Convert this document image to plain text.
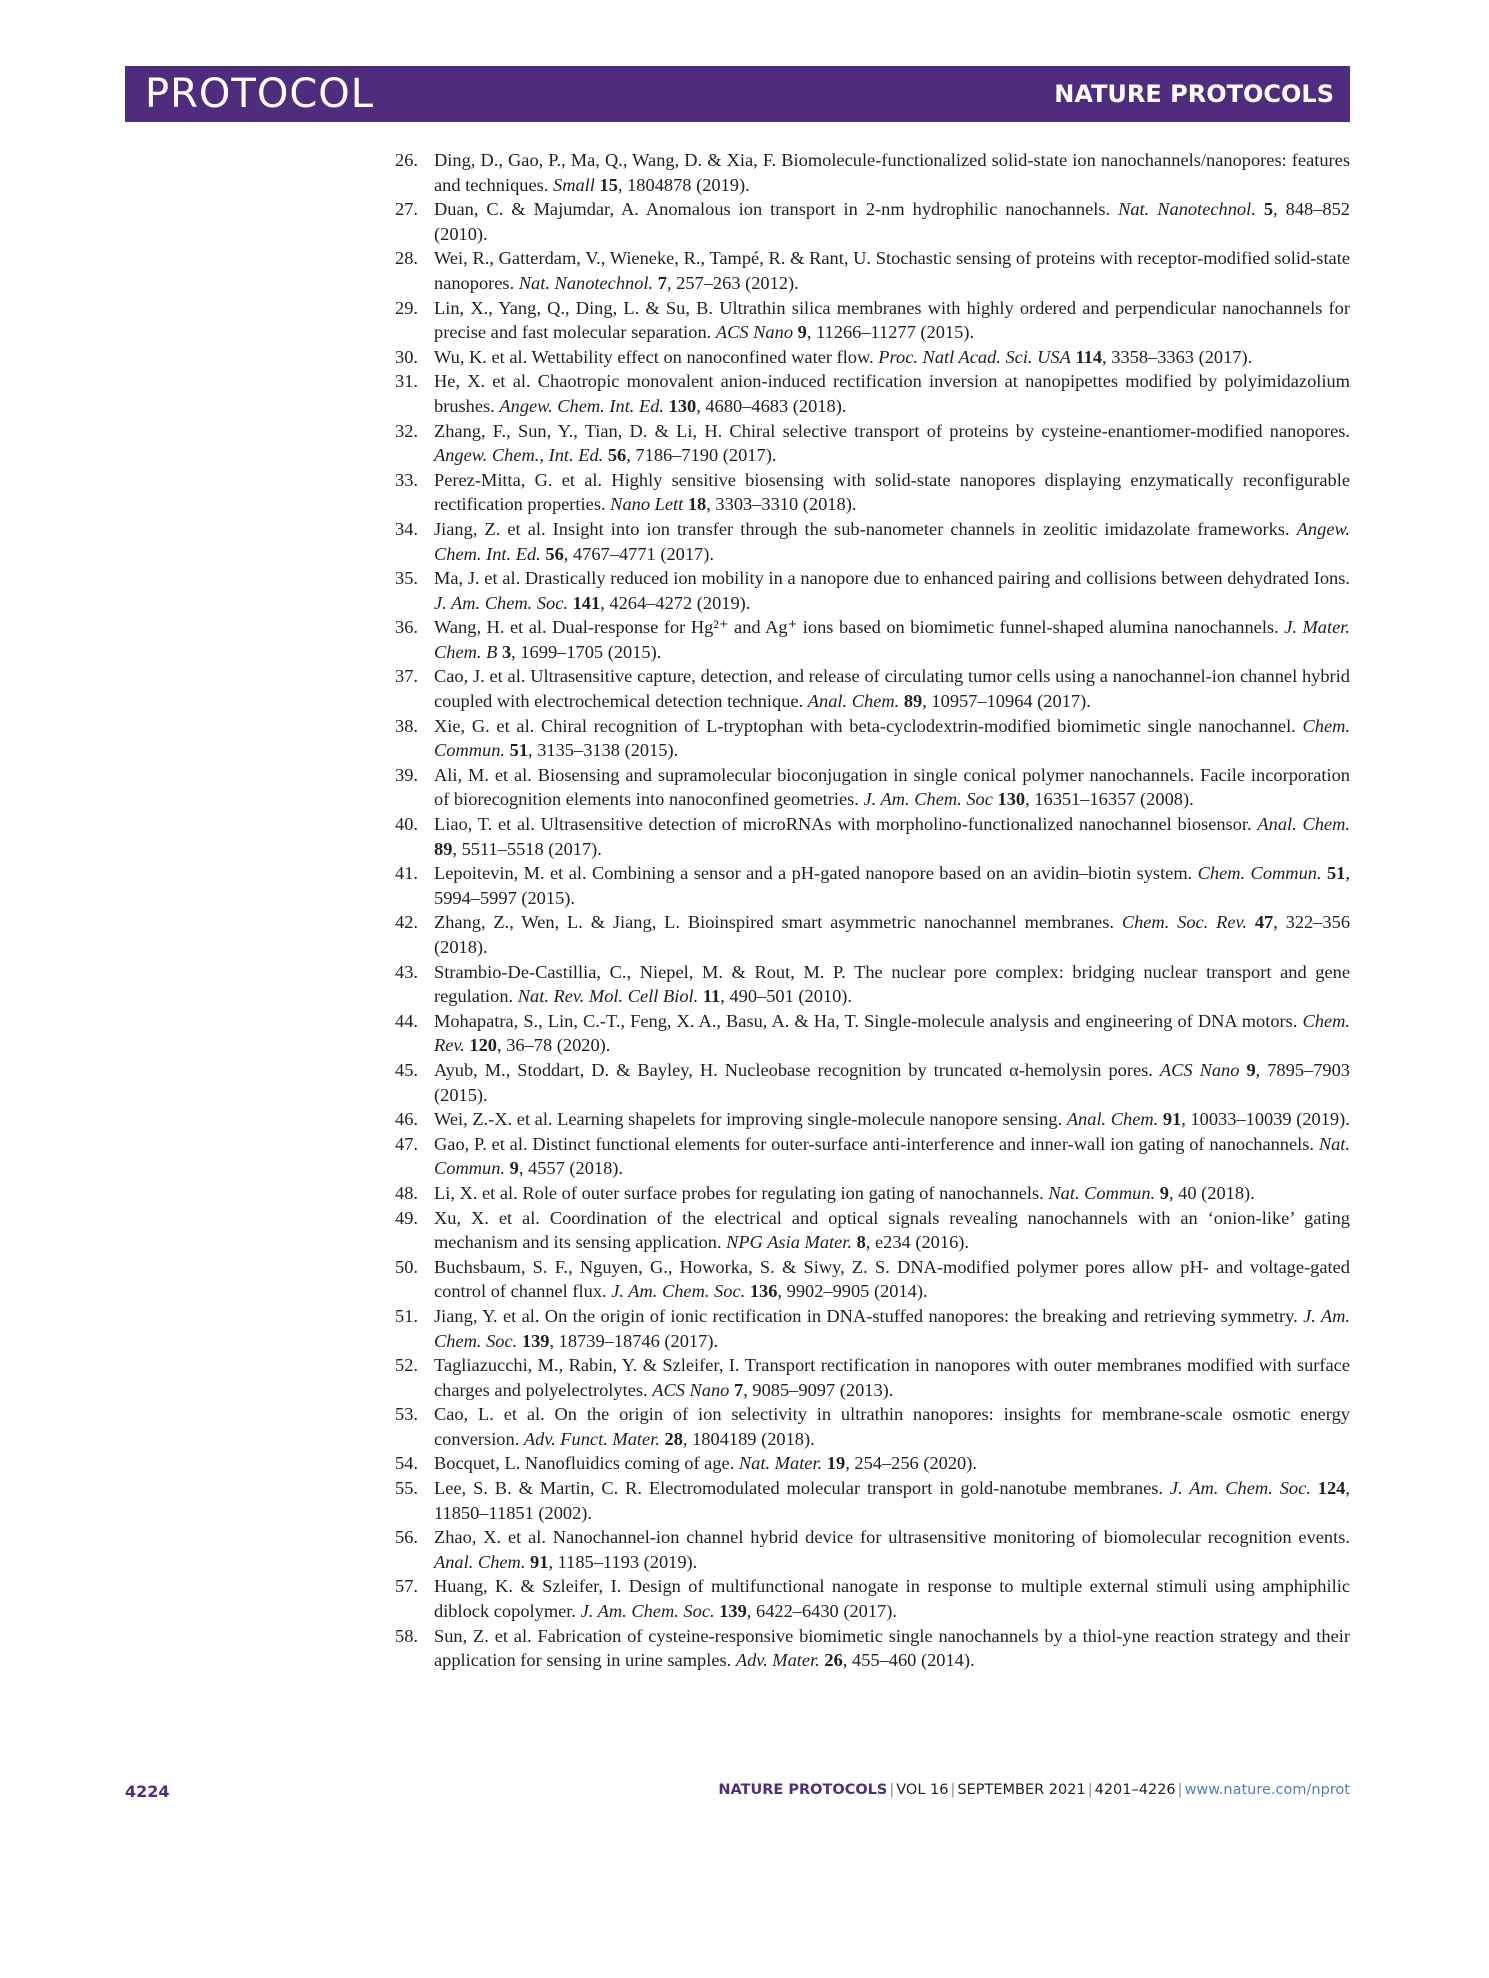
PROTOCOL	NATURE PROTOCOLS
26. Ding, D., Gao, P., Ma, Q., Wang, D. & Xia, F. Biomolecule-functionalized solid-state ion nanochannels/nanopores: features and techniques. Small 15, 1804878 (2019).
27. Duan, C. & Majumdar, A. Anomalous ion transport in 2-nm hydrophilic nanochannels. Nat. Nanotechnol. 5, 848–852 (2010).
28. Wei, R., Gatterdam, V., Wieneke, R., Tampé, R. & Rant, U. Stochastic sensing of proteins with receptor-modified solid-state nanopores. Nat. Nanotechnol. 7, 257–263 (2012).
29. Lin, X., Yang, Q., Ding, L. & Su, B. Ultrathin silica membranes with highly ordered and perpendicular nanochannels for precise and fast molecular separation. ACS Nano 9, 11266–11277 (2015).
30. Wu, K. et al. Wettability effect on nanoconfined water flow. Proc. Natl Acad. Sci. USA 114, 3358–3363 (2017).
31. He, X. et al. Chaotropic monovalent anion-induced rectification inversion at nanopipettes modified by polyimidazolium brushes. Angew. Chem. Int. Ed. 130, 4680–4683 (2018).
32. Zhang, F., Sun, Y., Tian, D. & Li, H. Chiral selective transport of proteins by cysteine-enantiomer-modified nanopores. Angew. Chem., Int. Ed. 56, 7186–7190 (2017).
33. Perez-Mitta, G. et al. Highly sensitive biosensing with solid-state nanopores displaying enzymatically reconfigurable rectification properties. Nano Lett 18, 3303–3310 (2018).
34. Jiang, Z. et al. Insight into ion transfer through the sub-nanometer channels in zeolitic imidazolate frameworks. Angew. Chem. Int. Ed. 56, 4767–4771 (2017).
35. Ma, J. et al. Drastically reduced ion mobility in a nanopore due to enhanced pairing and collisions between dehydrated Ions. J. Am. Chem. Soc. 141, 4264–4272 (2019).
36. Wang, H. et al. Dual-response for Hg²⁺ and Ag⁺ ions based on biomimetic funnel-shaped alumina nanochannels. J. Mater. Chem. B 3, 1699–1705 (2015).
37. Cao, J. et al. Ultrasensitive capture, detection, and release of circulating tumor cells using a nanochannel-ion channel hybrid coupled with electrochemical detection technique. Anal. Chem. 89, 10957–10964 (2017).
38. Xie, G. et al. Chiral recognition of L-tryptophan with beta-cyclodextrin-modified biomimetic single nanochannel. Chem. Commun. 51, 3135–3138 (2015).
39. Ali, M. et al. Biosensing and supramolecular bioconjugation in single conical polymer nanochannels. Facile incorporation of biorecognition elements into nanoconfined geometries. J. Am. Chem. Soc 130, 16351–16357 (2008).
40. Liao, T. et al. Ultrasensitive detection of microRNAs with morpholino-functionalized nanochannel biosensor. Anal. Chem. 89, 5511–5518 (2017).
41. Lepoitevin, M. et al. Combining a sensor and a pH-gated nanopore based on an avidin–biotin system. Chem. Commun. 51, 5994–5997 (2015).
42. Zhang, Z., Wen, L. & Jiang, L. Bioinspired smart asymmetric nanochannel membranes. Chem. Soc. Rev. 47, 322–356 (2018).
43. Strambio-De-Castillia, C., Niepel, M. & Rout, M. P. The nuclear pore complex: bridging nuclear transport and gene regulation. Nat. Rev. Mol. Cell Biol. 11, 490–501 (2010).
44. Mohapatra, S., Lin, C.-T., Feng, X. A., Basu, A. & Ha, T. Single-molecule analysis and engineering of DNA motors. Chem. Rev. 120, 36–78 (2020).
45. Ayub, M., Stoddart, D. & Bayley, H. Nucleobase recognition by truncated α-hemolysin pores. ACS Nano 9, 7895–7903 (2015).
46. Wei, Z.-X. et al. Learning shapelets for improving single-molecule nanopore sensing. Anal. Chem. 91, 10033–10039 (2019).
47. Gao, P. et al. Distinct functional elements for outer-surface anti-interference and inner-wall ion gating of nanochannels. Nat. Commun. 9, 4557 (2018).
48. Li, X. et al. Role of outer surface probes for regulating ion gating of nanochannels. Nat. Commun. 9, 40 (2018).
49. Xu, X. et al. Coordination of the electrical and optical signals revealing nanochannels with an ‘onion-like’ gating mechanism and its sensing application. NPG Asia Mater. 8, e234 (2016).
50. Buchsbaum, S. F., Nguyen, G., Howorka, S. & Siwy, Z. S. DNA-modified polymer pores allow pH- and voltage-gated control of channel flux. J. Am. Chem. Soc. 136, 9902–9905 (2014).
51. Jiang, Y. et al. On the origin of ionic rectification in DNA-stuffed nanopores: the breaking and retrieving symmetry. J. Am. Chem. Soc. 139, 18739–18746 (2017).
52. Tagliazucchi, M., Rabin, Y. & Szleifer, I. Transport rectification in nanopores with outer membranes modified with surface charges and polyelectrolytes. ACS Nano 7, 9085–9097 (2013).
53. Cao, L. et al. On the origin of ion selectivity in ultrathin nanopores: insights for membrane-scale osmotic energy conversion. Adv. Funct. Mater. 28, 1804189 (2018).
54. Bocquet, L. Nanofluidics coming of age. Nat. Mater. 19, 254–256 (2020).
55. Lee, S. B. & Martin, C. R. Electromodulated molecular transport in gold-nanotube membranes. J. Am. Chem. Soc. 124, 11850–11851 (2002).
56. Zhao, X. et al. Nanochannel-ion channel hybrid device for ultrasensitive monitoring of biomolecular recognition events. Anal. Chem. 91, 1185–1193 (2019).
57. Huang, K. & Szleifer, I. Design of multifunctional nanogate in response to multiple external stimuli using amphiphilic diblock copolymer. J. Am. Chem. Soc. 139, 6422–6430 (2017).
58. Sun, Z. et al. Fabrication of cysteine-responsive biomimetic single nanochannels by a thiol-yne reaction strategy and their application for sensing in urine samples. Adv. Mater. 26, 455–460 (2014).
4224	NATURE PROTOCOLS | VOL 16 | SEPTEMBER 2021 | 4201–4226 | www.nature.com/nprot
